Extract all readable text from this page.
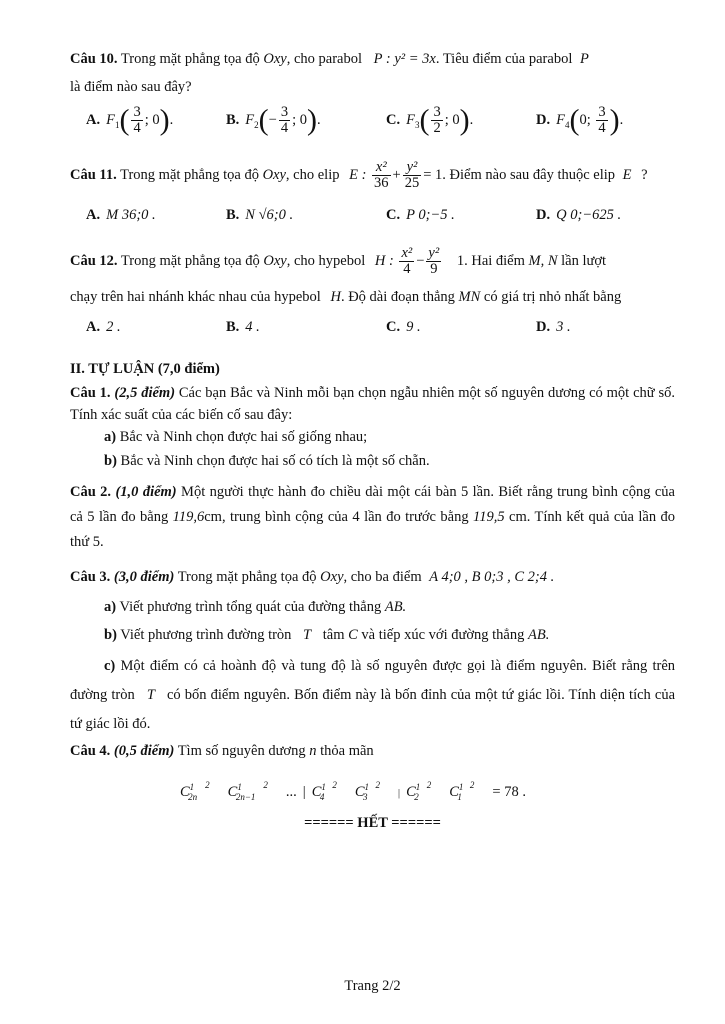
Câu 10. Trong mặt phẳng tọa độ Oxy, cho parabol P : y² = 3x. Tiêu điểm của parabol P
là điểm nào sau đây?
A. $F_1( \frac{3}{4}$ ; 0).	B. $F_2(- \frac{3}{4}$ ; 0).	C. $F_3( \frac{3}{2}$ ; 0).	D. $F_4(0$; $\frac{3}{4}$ ).
Câu 11. Trong mặt phẳng tọa độ Oxy, cho elip E : $\frac{\text{x²}}{36} + \frac{\text{y²}}{25} = 1$. Điểm nào sau đây thuộc elip E ?
A. M 36;0 .	B. N √6;0 .	C. P 0;−5 .	D. Q 0;−625 .
Câu 12. Trong mặt phẳng tọa độ Oxy, cho hypebol H : $\frac{\text{x²}}{4} - \frac{\text{y²}}{9} 1$. Hai điểm M, N lần lượt
chạy trên hai nhánh khác nhau của hypebol H. Độ dài đoạn thẳng MN có giá trị nhỏ nhất bằng
A. 2 .	B. 4 .	C. 9 .	D. 3 .
II. TỰ LUẬN (7,0 điểm)
Câu 1. (2,5 điểm) Các bạn Bắc và Ninh mỗi bạn chọn ngẫu nhiên một số nguyên dương có một chữ số. Tính xác suất của các biến cố sau đây:
a) Bắc và Ninh chọn được hai số giống nhau;
b) Bắc và Ninh chọn được hai số có tích là một số chẵn.
Câu 2. (1,0 điểm) Một người thực hành đo chiều dài một cái bàn 5 lần. Biết rằng trung bình cộng của cả 5 lần đo bằng 119,6cm, trung bình cộng của 4 lần đo trước bằng 119,5 cm. Tính kết quả của lần đo thứ 5.
Câu 3. (3,0 điểm) Trong mặt phẳng tọa độ Oxy, cho ba điểm A 4;0 , B 0;3 , C 2;4 .
a) Viết phương trình tổng quát của đường thẳng AB.
b) Viết phương trình đường tròn T tâm C và tiếp xúc với đường thẳng AB.
c) Một điểm có cả hoành độ và tung độ là số nguyên được gọi là điểm nguyên. Biết rằng trên đường tròn T có bốn điểm nguyên. Bốn điểm này là bốn đỉnh của một tứ giác lồi. Tính diện tích của tứ giác lồi đó.
Câu 4. (0,5 điểm) Tìm số nguyên dương n thỏa mãn
$C^1_{2n}^2$ $C^1_{2n-1}^2$ ... | $C^1_4^2$ $C^1_3^2|$ $C^1_2^2$ $C^1_1^2 = 78$ .
====== HẾT ======
Trang 2/2
